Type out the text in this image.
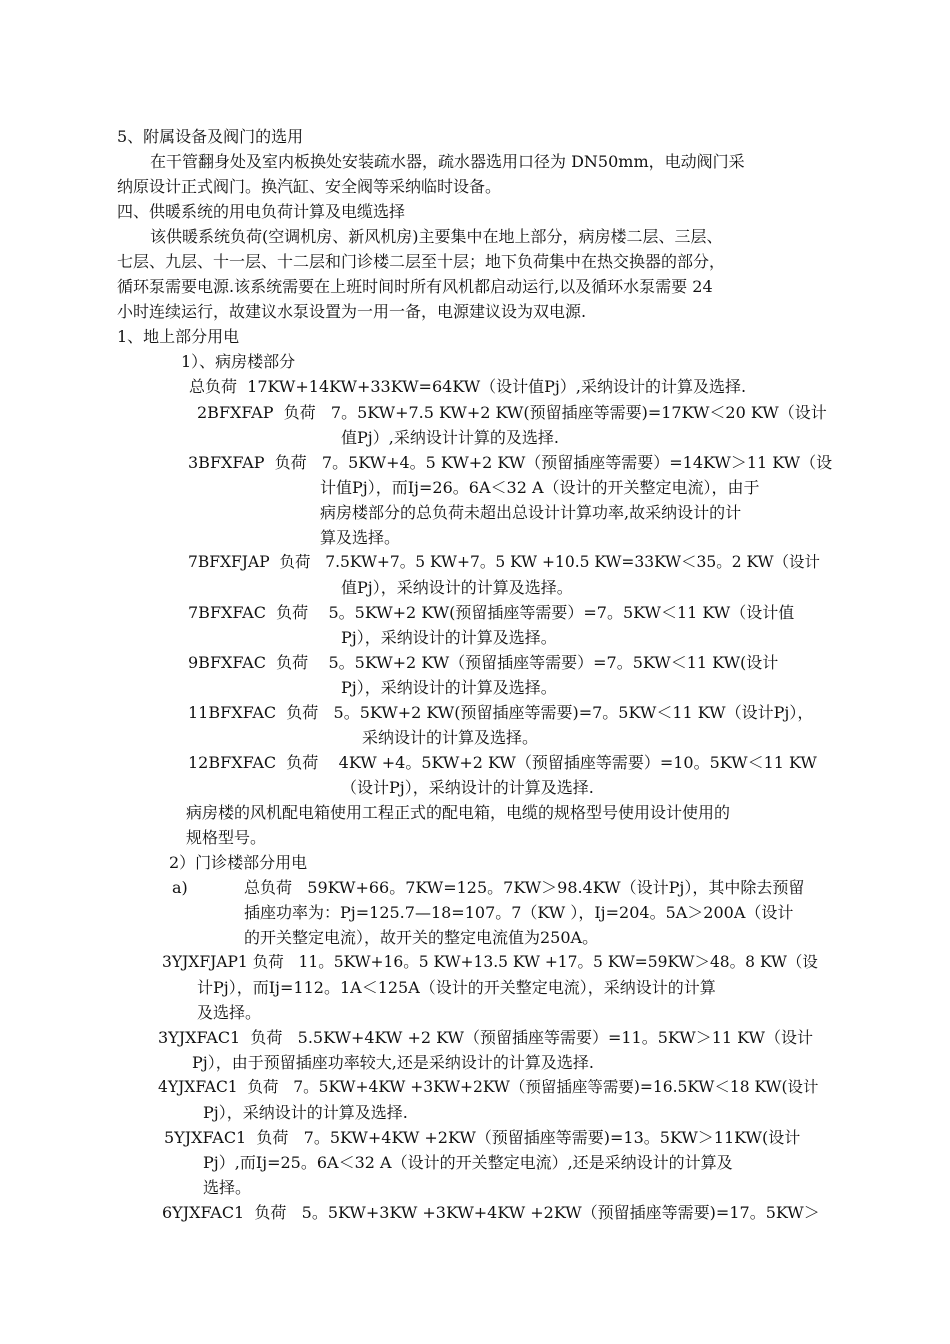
5、附属设备及阀门的选用
在干管翻身处及室内板换处安装疏水器，疏水器选用口径为 DN50mm，电动阀门采
纳原设计正式阀门。换汽缸、安全阀等采纳临时设备。
四、供暖系统的用电负荷计算及电缆选择
该供暖系统负荷(空调机房、新风机房)主要集中在地上部分，病房楼二层、三层、
七层、九层、十一层、十二层和门诊楼二层至十层；地下负荷集中在热交换器的部分，
循环泵需要电源.该系统需要在上班时间时所有风机都启动运行,以及循环水泵需要 24
小时连续运行，故建议水泵设置为一用一备，电源建议设为双电源.
1、地上部分用电
1）、病房楼部分
总负荷  17KW+14KW+33KW=64KW（设计值Pj）,采纳设计的计算及选择.
2BFXFAP  负荷   7。5KW+7.5 KW+2 KW(预留插座等需要)=17KW＜20 KW（设计
值Pj）,采纳设计计算的及选择.
3BFXFAP  负荷   7。5KW+4。5 KW+2 KW（预留插座等需要）=14KW＞11 KW（设
计值Pj），而Ij=26。6A＜32 A（设计的开关整定电流），由于
病房楼部分的总负荷未超出总设计计算功率,故采纳设计的计
算及选择。
7BFXFJAP  负荷   7.5KW+7。5 KW+7。5 KW +10.5 KW=33KW＜35。2 KW（设计
值Pj），采纳设计的计算及选择。
7BFXFAC  负荷    5。5KW+2 KW(预留插座等需要）=7。5KW＜11 KW（设计值
Pj），采纳设计的计算及选择。
9BFXFAC  负荷    5。5KW+2 KW（预留插座等需要）=7。5KW＜11 KW(设计
Pj），采纳设计的计算及选择。
11BFXFAC  负荷   5。5KW+2 KW(预留插座等需要)=7。5KW＜11 KW（设计Pj），
采纳设计的计算及选择。
12BFXFAC  负荷    4KW +4。5KW+2 KW（预留插座等需要）=10。5KW＜11 KW
（设计Pj），采纳设计的计算及选择.
病房楼的风机配电箱使用工程正式的配电箱，电缆的规格型号使用设计使用的
规格型号。
2）门诊楼部分用电
a)	总负荷   59KW+66。7KW=125。7KW＞98.4KW（设计Pj），其中除去预留
插座功率为：Pj=125.7—18=107。7（KW ），Ij=204。5A＞200A（设计
的开关整定电流），故开关的整定电流值为250A。
3YJXFJAP1 负荷   11。5KW+16。5 KW+13.5 KW +17。5 KW=59KW＞48。8 KW（设
计Pj），而Ij=112。1A＜125A（设计的开关整定电流），采纳设计的计算
及选择。
3YJXFAC1  负荷   5.5KW+4KW +2 KW（预留插座等需要）=11。5KW＞11 KW（设计
Pj），由于预留插座功率较大,还是采纳设计的计算及选择.
4YJXFAC1  负荷   7。5KW+4KW +3KW+2KW（预留插座等需要)=16.5KW＜18 KW(设计
Pj），采纳设计的计算及选择.
5YJXFAC1  负荷   7。5KW+4KW +2KW（预留插座等需要)=13。5KW＞11KW(设计
Pj）,而Ij=25。6A＜32 A（设计的开关整定电流）,还是采纳设计的计算及
选择。
6YJXFAC1  负荷   5。5KW+3KW +3KW+4KW +2KW（预留插座等需要)=17。5KW＞
